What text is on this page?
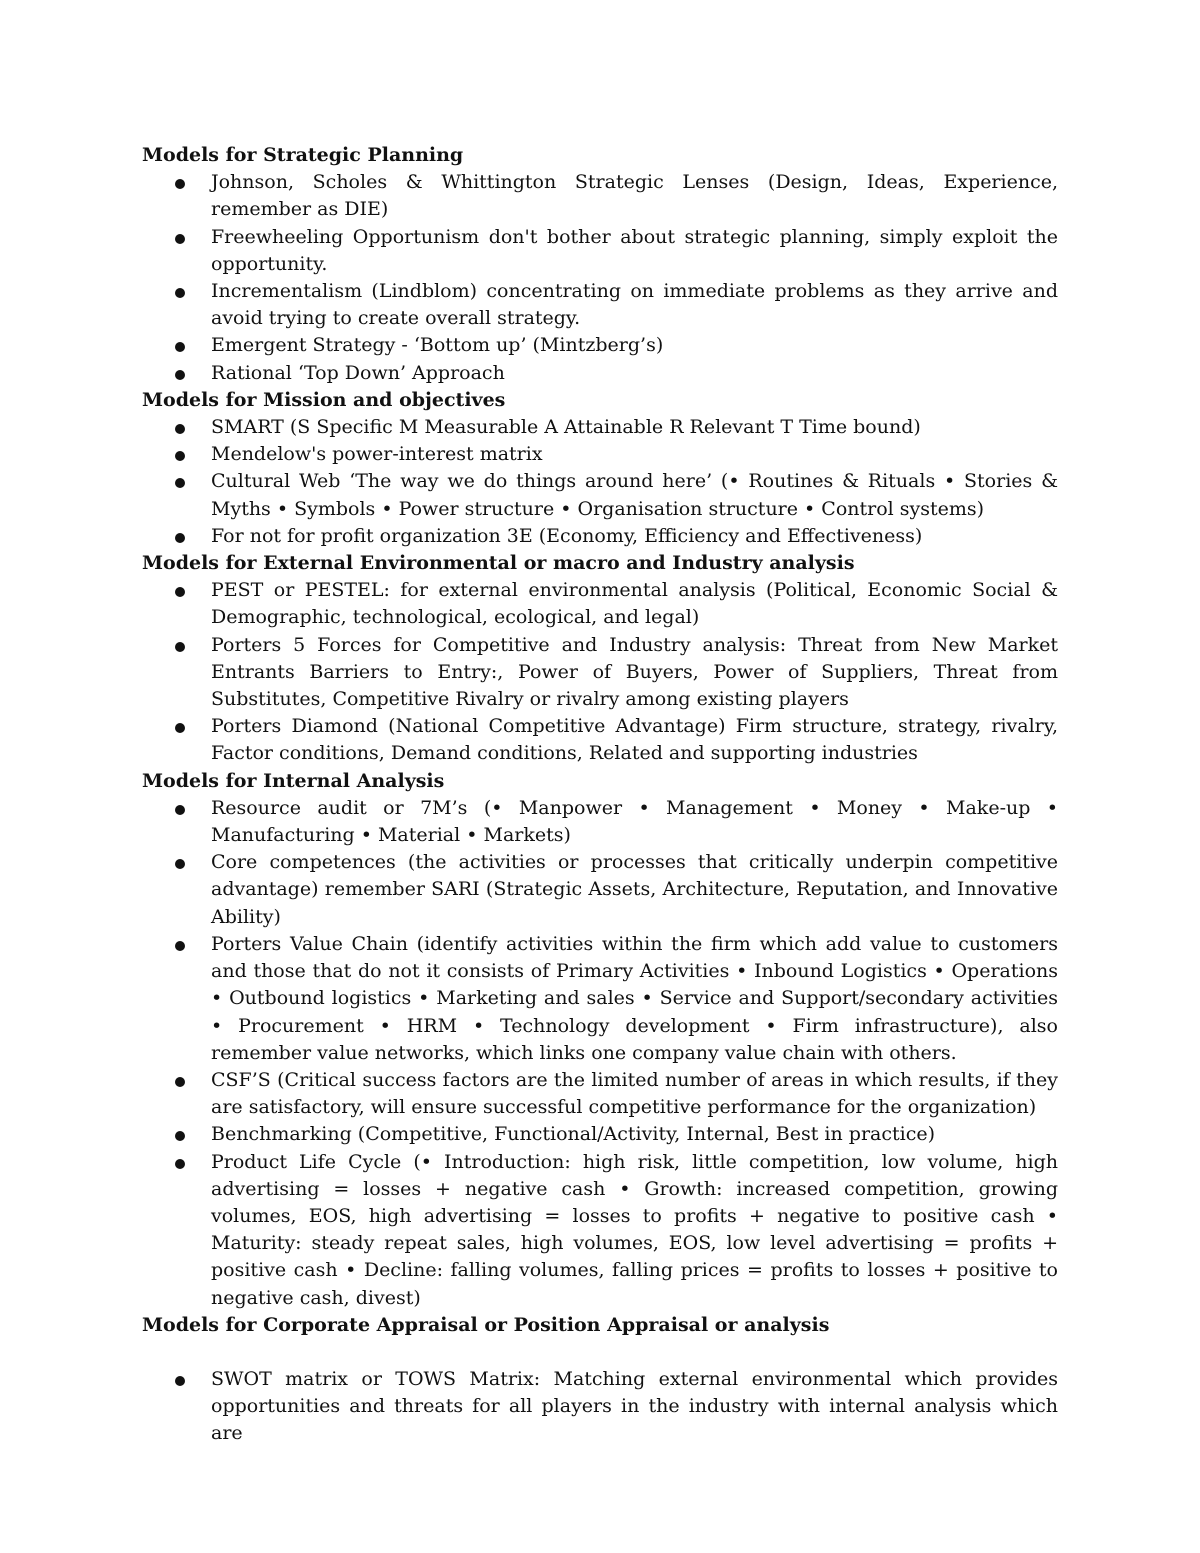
Models for Strategic Planning

Johnson, Scholes & Whittington Strategic Lenses (Design, Ideas, Experience, remember as DIE)
Freewheeling Opportunism don't bother about strategic planning, simply exploit the opportunity.
Incrementalism (Lindblom) concentrating on immediate problems as they arrive and avoid trying to create overall strategy.
Emergent Strategy - ‘Bottom up’ (Mintzberg’s)
Rational ‘Top Down’ Approach

Models for Mission and objectives

SMART (S Specific M Measurable A Attainable R Relevant T Time bound)
Mendelow's power-interest matrix
Cultural Web ‘The way we do things around here’ (• Routines & Rituals • Stories & Myths • Symbols • Power structure • Organisation structure • Control systems)
For not for profit organization 3E (Economy, Efficiency and Effectiveness)

Models for External Environmental or macro and Industry analysis

PEST or PESTEL: for external environmental analysis (Political, Economic Social & Demographic, technological, ecological, and legal)
Porters 5 Forces for Competitive and Industry analysis: Threat from New Market Entrants Barriers to Entry:, Power of Buyers, Power of Suppliers, Threat from Substitutes, Competitive Rivalry or rivalry among existing players
Porters Diamond (National Competitive Advantage) Firm structure, strategy, rivalry, Factor conditions, Demand conditions, Related and supporting industries

Models for Internal Analysis

Resource audit or 7M’s (• Manpower • Management • Money • Make-up • Manufacturing • Material • Markets)
Core competences (the activities or processes that critically underpin competitive advantage) remember SARI (Strategic Assets, Architecture, Reputation, and Innovative Ability)
Porters Value Chain (identify activities within the firm which add value to customers and those that do not it consists of Primary Activities • Inbound Logistics • Operations • Outbound logistics • Marketing and sales • Service and Support/secondary activities • Procurement • HRM • Technology development • Firm infrastructure), also remember value networks, which links one company value chain with others.
CSF’S (Critical success factors are the limited number of areas in which results, if they are satisfactory, will ensure successful competitive performance for the organization)
Benchmarking (Competitive, Functional/Activity, Internal, Best in practice)
Product Life Cycle (• Introduction: high risk, little competition, low volume, high advertising = losses + negative cash • Growth: increased competition, growing volumes, EOS, high advertising = losses to profits + negative to positive cash • Maturity: steady repeat sales, high volumes, EOS, low level advertising = profits + positive cash • Decline: falling volumes, falling prices = profits to losses + positive to negative cash, divest)

Models for Corporate Appraisal or Position Appraisal or analysis

SWOT matrix or TOWS Matrix: Matching external environmental which provides opportunities and threats for all players in the industry with internal analysis which are
